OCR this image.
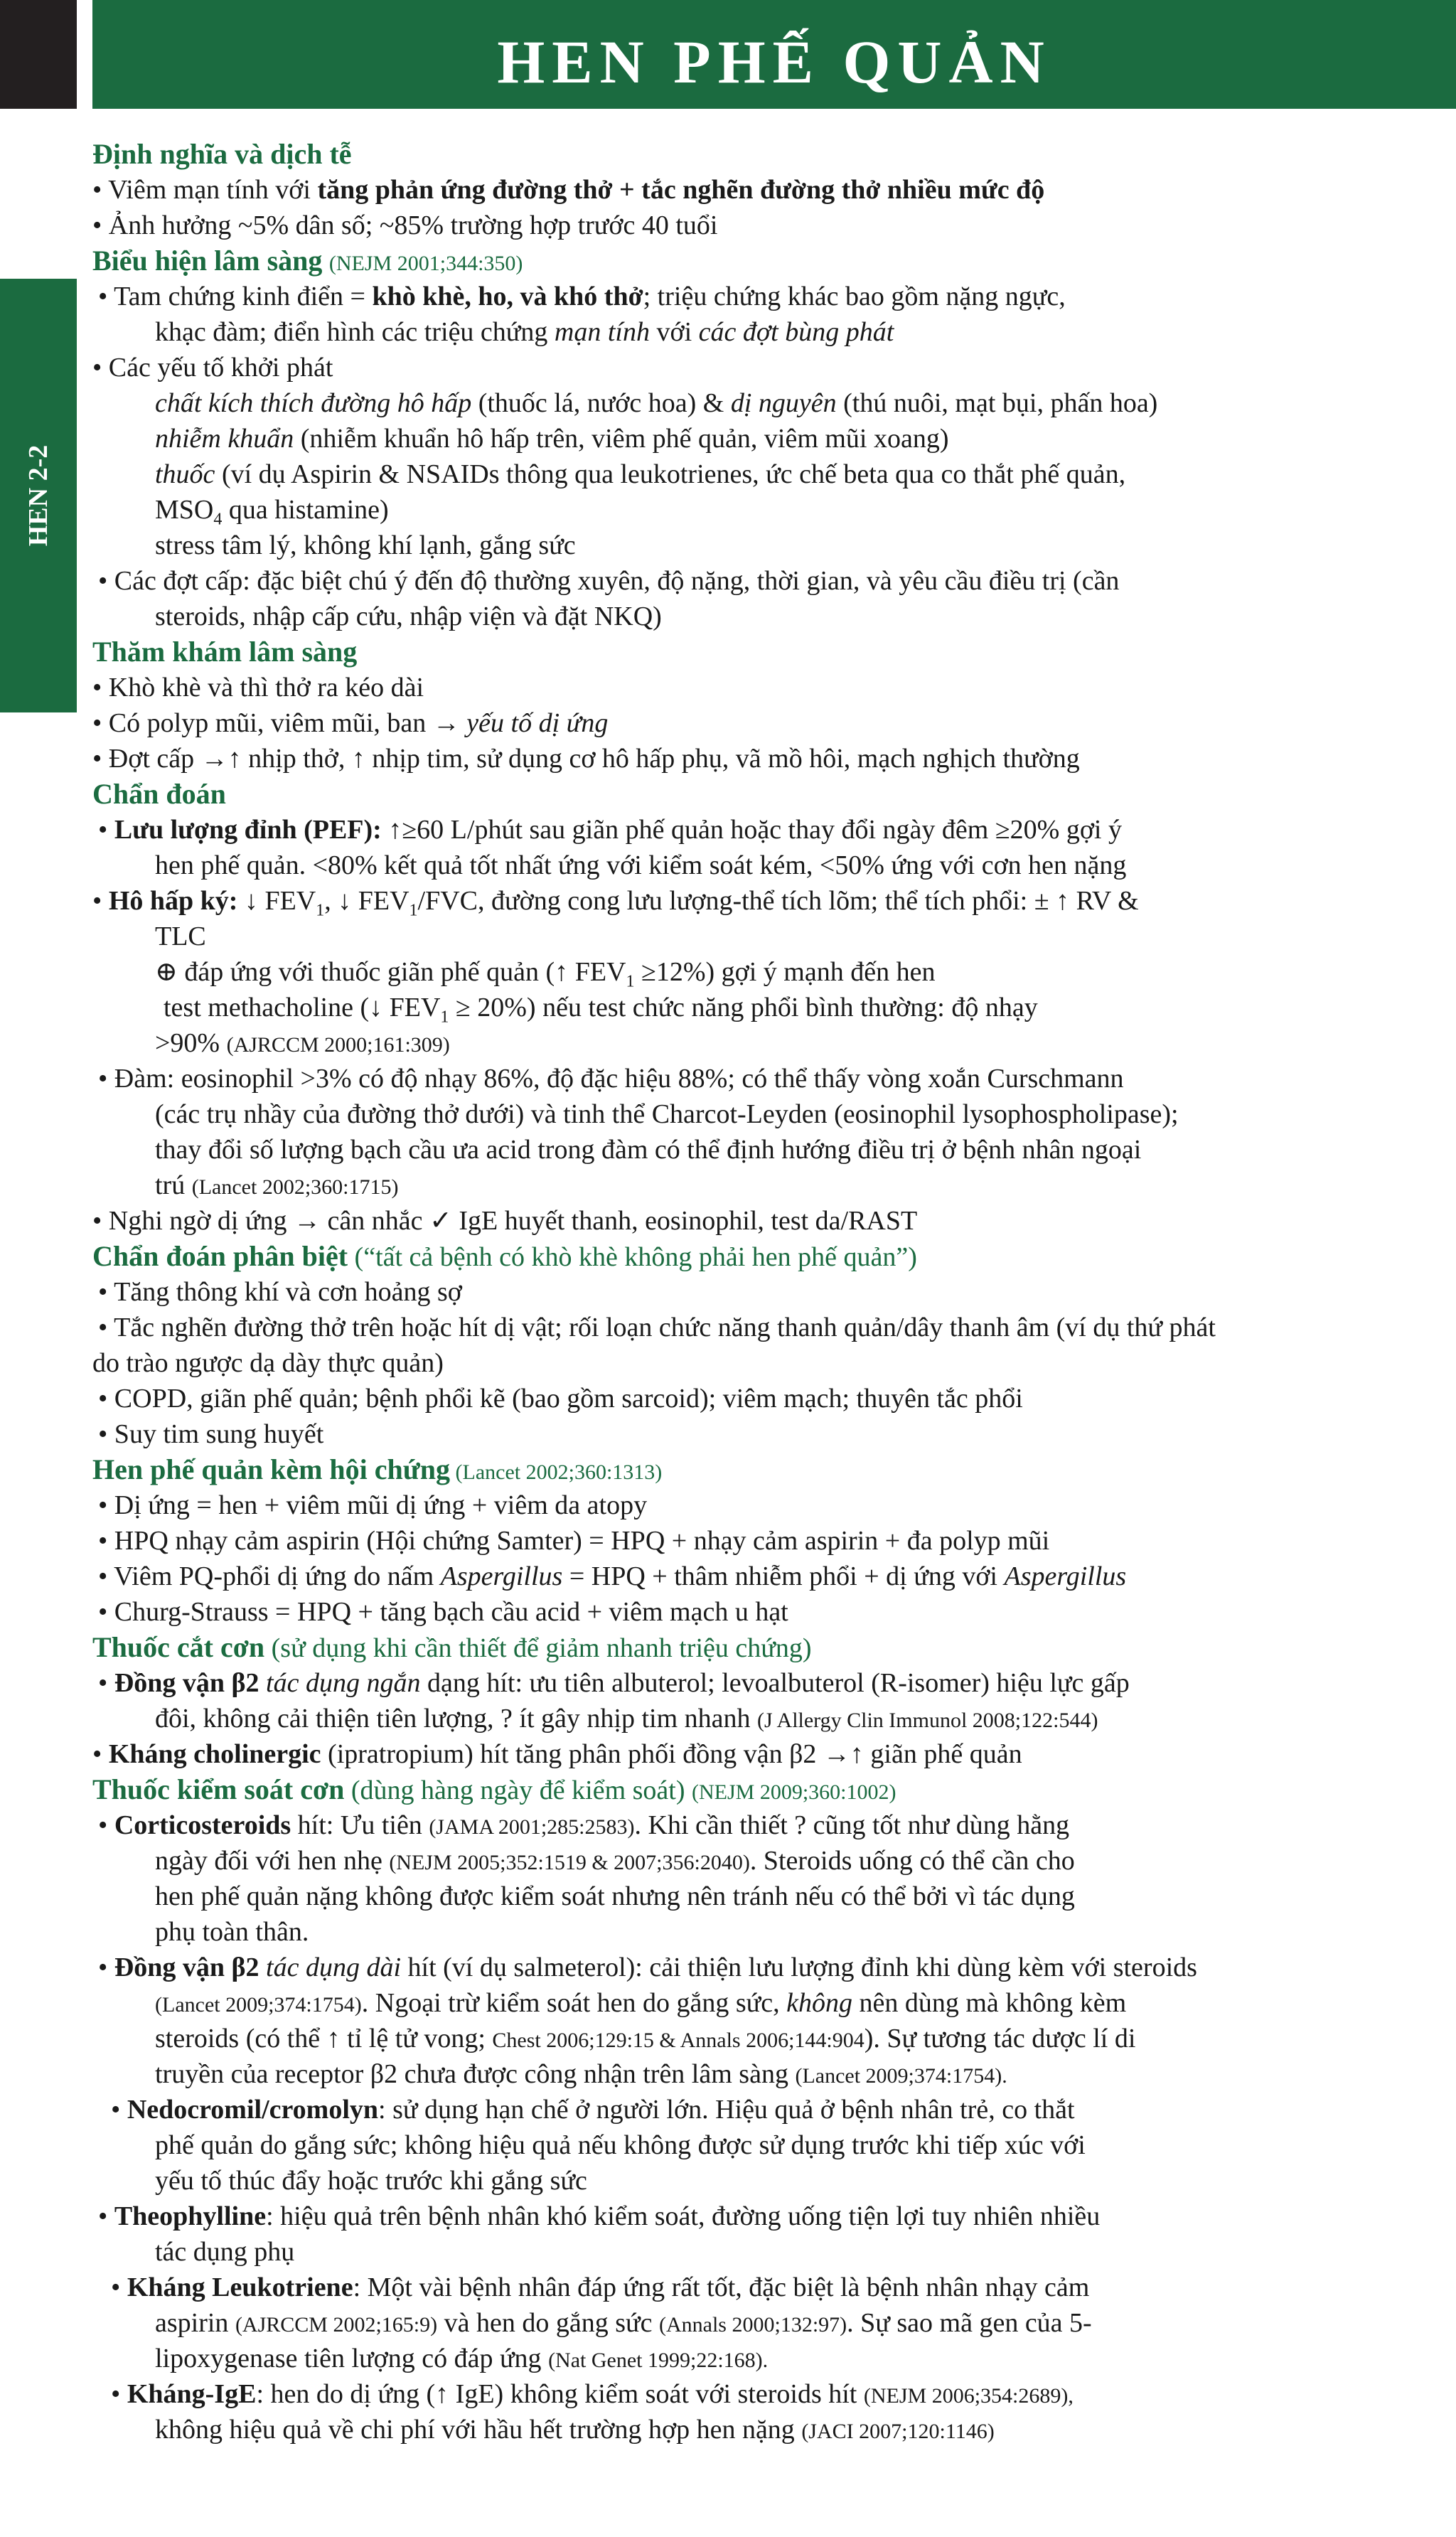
HEN PHẾ QUẢN
HEN 2-2
Định nghĩa và dịch tễ
• Viêm mạn tính với tăng phản ứng đường thở + tắc nghẽn đường thở nhiều mức độ
• Ảnh hưởng ~5% dân số; ~85% trường hợp trước 40 tuổi
Biểu hiện lâm sàng (NEJM 2001;344:350)
• Tam chứng kinh điển = khò khè, ho, và khó thở; triệu chứng khác bao gồm nặng ngực,
khạc đàm; điển hình các triệu chứng mạn tính với các đợt bùng phát
• Các yếu tố khởi phát
chất kích thích đường hô hấp (thuốc lá, nước hoa) & dị nguyên (thú nuôi, mạt bụi, phấn hoa)
nhiễm khuẩn (nhiễm khuẩn hô hấp trên, viêm phế quản, viêm mũi xoang)
thuốc (ví dụ Aspirin & NSAIDs thông qua leukotrienes, ức chế beta qua co thắt phế quản,
$MSO_4$ qua histamine)
stress tâm lý, không khí lạnh, gắng sức
• Các đợt cấp: đặc biệt chú ý đến độ thường xuyên, độ nặng, thời gian, và yêu cầu điều trị (cần
steroids, nhập cấp cứu, nhập viện và đặt NKQ)
Thăm khám lâm sàng
• Khò khè và thì thở ra kéo dài
• Có polyp mũi, viêm mũi, ban → yếu tố dị ứng
• Đợt cấp →↑ nhịp thở, ↑ nhịp tim, sử dụng cơ hô hấp phụ, vã mồ hôi, mạch nghịch thường
Chẩn đoán
• Lưu lượng đỉnh (PEF): ↑≥60 L/phút sau giãn phế quản hoặc thay đổi ngày đêm ≥20% gợi ý
hen phế quản. <80% kết quả tốt nhất ứng với kiểm soát kém, <50% ứng với cơn hen nặng
• Hô hấp ký: ↓ $FEV_1$, ↓ $FEV_1$/FVC, đường cong lưu lượng-thể tích lõm; thể tích phổi: ± ↑ RV &
TLC
⊕ đáp ứng với thuốc giãn phế quản (↑ $FEV_1 \ge 12\%$) gợi ý mạnh đến hen
test methacholine (↓ $FEV_1 \ge 20\%$) nếu test chức năng phổi bình thường: độ nhạy
>90% (AJRCCM 2000;161:309)
• Đàm: eosinophil >3% có độ nhạy 86%, độ đặc hiệu 88%; có thể thấy vòng xoắn Curschmann
(các trụ nhầy của đường thở dưới) và tinh thể Charcot-Leyden (eosinophil lysophospholipase);
thay đổi số lượng bạch cầu ưa acid trong đàm có thể định hướng điều trị ở bệnh nhân ngoại
trú (Lancet 2002;360:1715)
• Nghi ngờ dị ứng → cân nhắc ✓ IgE huyết thanh, eosinophil, test da/RAST
Chẩn đoán phân biệt (“tất cả bệnh có khò khè không phải hen phế quản”)
• Tăng thông khí và cơn hoảng sợ
• Tắc nghẽn đường thở trên hoặc hít dị vật; rối loạn chức năng thanh quản/dây thanh âm (ví dụ thứ phát
do trào ngược dạ dày thực quản)
• COPD, giãn phế quản; bệnh phổi kẽ (bao gồm sarcoid); viêm mạch; thuyên tắc phổi
• Suy tim sung huyết
Hen phế quản kèm hội chứng (Lancet 2002;360:1313)
• Dị ứng = hen + viêm mũi dị ứng + viêm da atopy
• HPQ nhạy cảm aspirin (Hội chứng Samter) = HPQ + nhạy cảm aspirin + đa polyp mũi
• Viêm PQ-phổi dị ứng do nấm Aspergillus = HPQ + thâm nhiễm phổi + dị ứng với Aspergillus
• Churg-Strauss = HPQ + tăng bạch cầu acid + viêm mạch u hạt
Thuốc cắt cơn (sử dụng khi cần thiết để giảm nhanh triệu chứng)
• Đồng vận β2 tác dụng ngắn dạng hít: ưu tiên albuterol; levoalbuterol (R-isomer) hiệu lực gấp
đôi, không cải thiện tiên lượng, ? ít gây nhịp tim nhanh (J Allergy Clin Immunol 2008;122:544)
• Kháng cholinergic (ipratropium) hít tăng phân phối đồng vận β2 →↑ giãn phế quản
Thuốc kiểm soát cơn (dùng hàng ngày để kiểm soát) (NEJM 2009;360:1002)
• Corticosteroids hít: Ưu tiên (JAMA 2001;285:2583). Khi cần thiết ? cũng tốt như dùng hằng
ngày đối với hen nhẹ (NEJM 2005;352:1519 & 2007;356:2040). Steroids uống có thể cần cho
hen phế quản nặng không được kiểm soát nhưng nên tránh nếu có thể bởi vì tác dụng
phụ toàn thân.
• Đồng vận β2 tác dụng dài hít (ví dụ salmeterol): cải thiện lưu lượng đỉnh khi dùng kèm với steroids
(Lancet 2009;374:1754). Ngoại trừ kiểm soát hen do gắng sức, không nên dùng mà không kèm
steroids (có thể ↑ tỉ lệ tử vong; Chest 2006;129:15 & Annals 2006;144:904). Sự tương tác dược lí di
truyền của receptor β2 chưa được công nhận trên lâm sàng (Lancet 2009;374:1754).
• Nedocromil/cromolyn: sử dụng hạn chế ở người lớn. Hiệu quả ở bệnh nhân trẻ, co thắt
phế quản do gắng sức; không hiệu quả nếu không được sử dụng trước khi tiếp xúc với
yếu tố thúc đẩy hoặc trước khi gắng sức
• Theophylline: hiệu quả trên bệnh nhân khó kiểm soát, đường uống tiện lợi tuy nhiên nhiều
tác dụng phụ
• Kháng Leukotriene: Một vài bệnh nhân đáp ứng rất tốt, đặc biệt là bệnh nhân nhạy cảm
aspirin (AJRCCM 2002;165:9) và hen do gắng sức (Annals 2000;132:97). Sự sao mã gen của 5-
lipoxygenase tiên lượng có đáp ứng (Nat Genet 1999;22:168).
• Kháng-IgE: hen do dị ứng (↑ IgE) không kiểm soát với steroids hít (NEJM 2006;354:2689),
không hiệu quả về chi phí với hầu hết trường hợp hen nặng (JACI 2007;120:1146)
